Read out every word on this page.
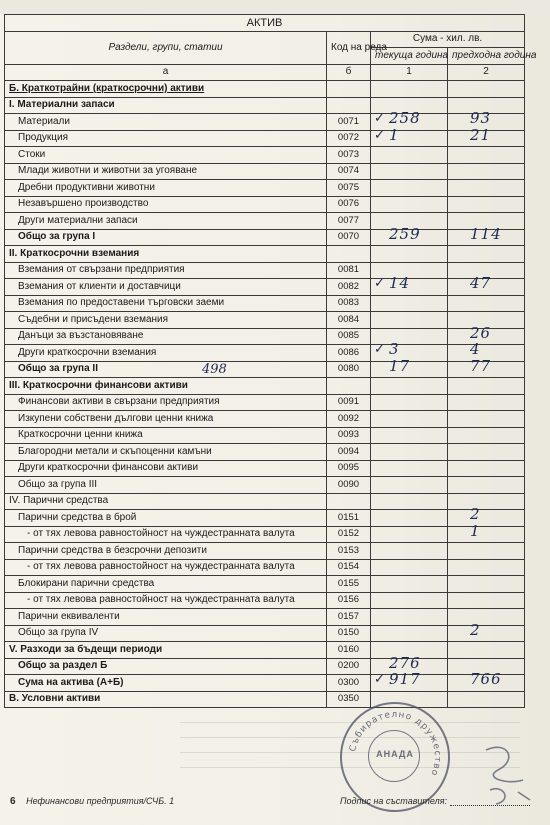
АКТИВ			
Раздели, групи, статии	Код на реда	Сума - хил. лв.	
		текуща година	предходна година
а	б	1	2
Б. Краткотрайни (краткосрочни) активи		

I. Материални запаси		

Материали	0071	✓ 258	93

Продукция	0072	✓ 1	21

Стоки	0073	

Млади животни и животни за угояване	0074	

Дребни продуктивни животни	0075	

Незавършено производство	0076	

Други материални запаси	0077	

Общо за група I	0070	259	114

II. Краткосрочни вземания		

Вземания от свързани предприятия	0081	

Вземания от клиенти и доставчици	0082	✓ 14	47

Вземания по предоставени търговски заеми	0083	

Съдебни и присъдени вземания	0084	

Данъци за възстановяване	0085		26

Други краткосрочни вземания	0086	✓ 3	4

Общо за група II	0080	17	77

III. Краткосрочни финансови активи		

Финансови активи в свързани предприятия	0091	

Изкупени собствени дългови ценни книжа	0092	

Краткосрочни ценни книжа	0093	

Благородни метали и скъпоценни камъни	0094	

Други краткосрочни финансови активи	0095	

Общо за група III	0090	

IV. Парични средства		

Парични средства в брой	0151		2

- от тях левова равностойност на чуждестранната валута	0152		1

Парични средства в безсрочни депозити	0153	

- от тях левова равностойност на чуждестранната валута	0154	

Блокирани парични средства	0155	

- от тях левова равностойност на чуждестранната валута	0156	

Парични еквиваленти	0157	

Общо за група IV	0150		2

V. Разходи за бъдещи периоди	0160	

Общо за раздел Б	0200	276	

Сума на актива (А+Б)	0300	✓ 917	766

В. Условни активи	0350	

498
Събирателно дружество
АНАДА
6 Нефинансови предприятия/СЧБ. 1	Подпис на съставителя:
